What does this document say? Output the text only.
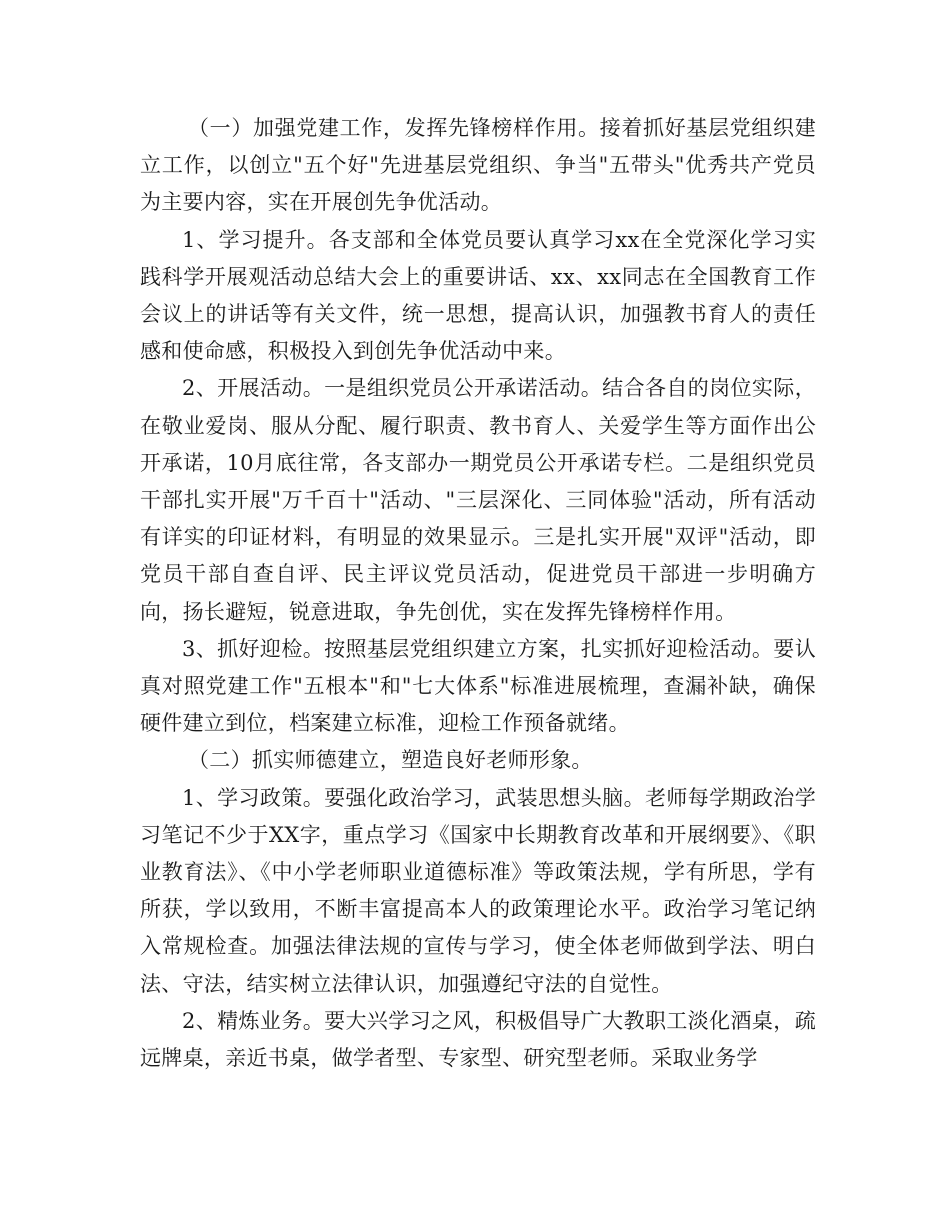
（一）加强党建工作，发挥先锋榜样作用。接着抓好基层党组织建立工作，以创立"五个好"先进基层党组织、争当"五带头"优秀共产党员为主要内容，实在开展创先争优活动。

1、学习提升。各支部和全体党员要认真学习xx在全党深化学习实践科学开展观活动总结大会上的重要讲话、xx、xx同志在全国教育工作会议上的讲话等有关文件，统一思想，提高认识，加强教书育人的责任感和使命感，积极投入到创先争优活动中来。

2、开展活动。一是组织党员公开承诺活动。结合各自的岗位实际，在敬业爱岗、服从分配、履行职责、教书育人、关爱学生等方面作出公开承诺，10月底往常，各支部办一期党员公开承诺专栏。二是组织党员干部扎实开展"万千百十"活动、"三层深化、三同体验"活动，所有活动有详实的印证材料，有明显的效果显示。三是扎实开展"双评"活动，即党员干部自查自评、民主评议党员活动，促进党员干部进一步明确方向，扬长避短，锐意进取，争先创优，实在发挥先锋榜样作用。

3、抓好迎检。按照基层党组织建立方案，扎实抓好迎检活动。要认真对照党建工作"五根本"和"七大体系"标准进展梳理，查漏补缺，确保硬件建立到位，档案建立标准，迎检工作预备就绪。

（二）抓实师德建立，塑造良好老师形象。

1、学习政策。要强化政治学习，武装思想头脑。老师每学期政治学习笔记不少于XX字，重点学习《国家中长期教育改革和开展纲要》、《职业教育法》、《中小学老师职业道德标准》等政策法规，学有所思，学有所获，学以致用，不断丰富提高本人的政策理论水平。政治学习笔记纳入常规检查。加强法律法规的宣传与学习，使全体老师做到学法、明白法、守法，结实树立法律认识，加强遵纪守法的自觉性。

2、精炼业务。要大兴学习之风，积极倡导广大教职工淡化酒桌，疏远牌桌，亲近书桌，做学者型、专家型、研究型老师。采取业务学
